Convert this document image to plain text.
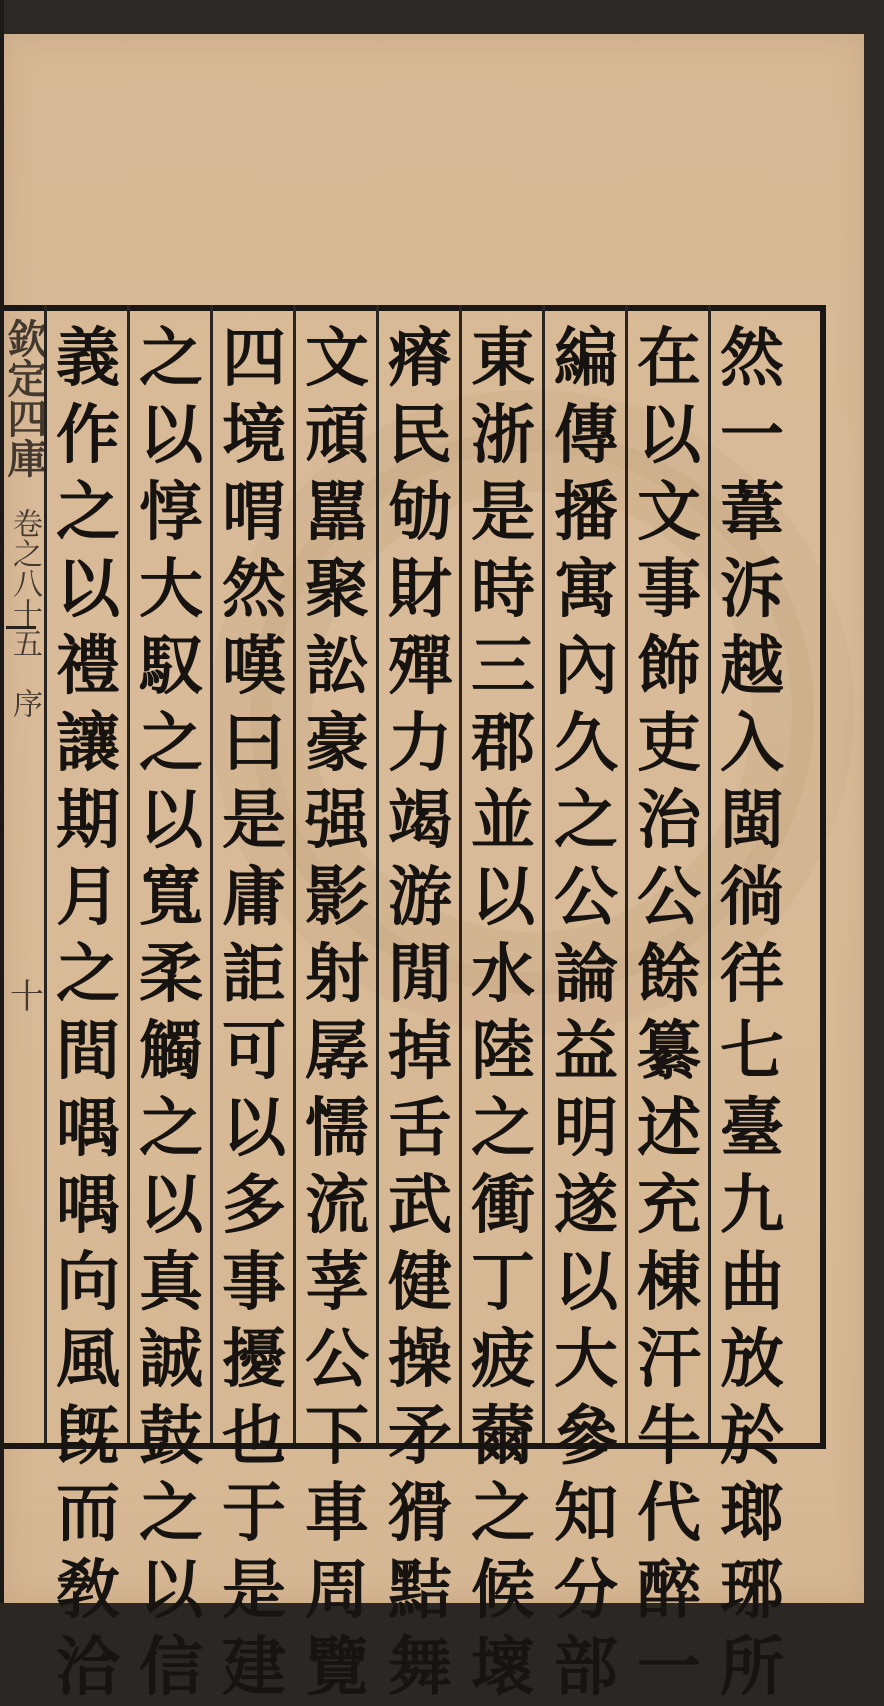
欽定四庫
卷之八十五
序
十
然
一
葦
泝
越
入
閩
徜
徉
七
臺
九
曲
放
於
瑯
琊
所
在
以
文
事
飾
吏
治
公
餘
纂
述
充
棟
汗
牛
代
醉
一
編
傳
播
寓
內
久
之
公
論
益
明
遂
以
大
參
知
分
部
東
浙
是
時
三
郡
並
以
水
陸
之
衝
丁
疲
薾
之
候
壞
瘠
民
劬
財
殫
力
竭
游
閒
掉
舌
武
健
操
矛
猾
黠
舞
文
頑
嚚
聚
訟
豪
强
影
射
孱
懦
流
莩
公
下
車
周
覽
四
境
喟
然
嘆
曰
是
庸
詎
可
以
多
事
擾
也
于
是
建
之
以
惇
大
馭
之
以
寬
柔
觸
之
以
真
誠
鼓
之
以
信
義
作
之
以
禮
讓
期
月
之
間
喁
喁
向
風
旣
而
敎
洽
